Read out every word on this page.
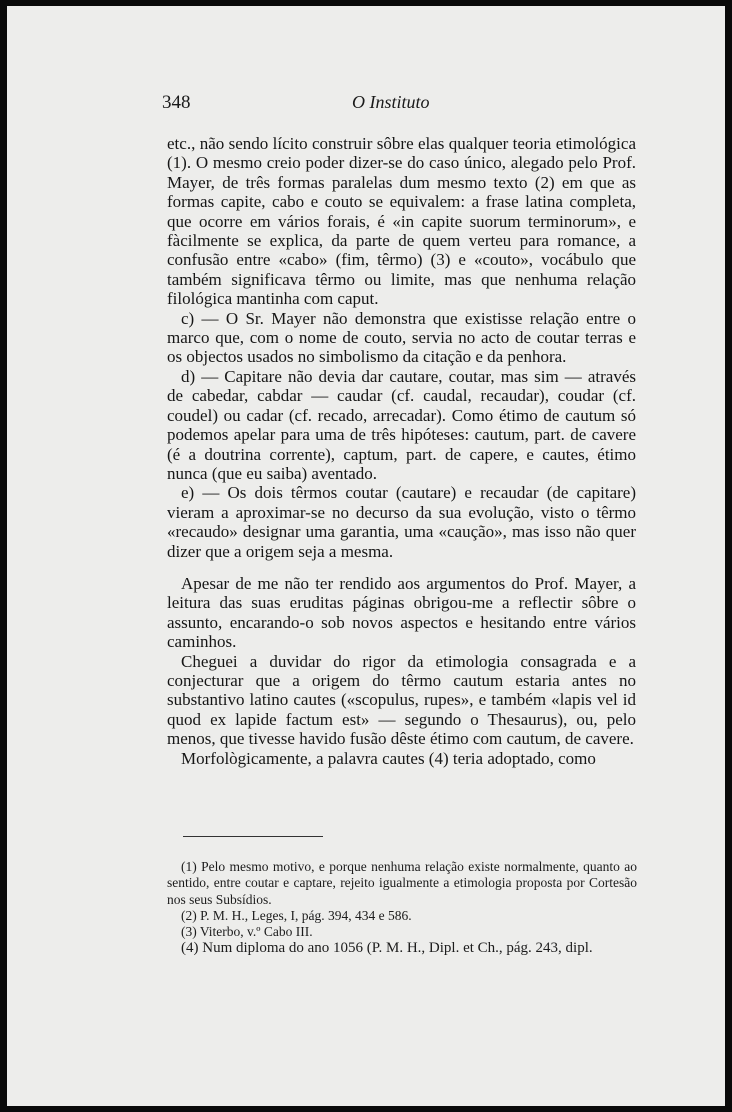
348	O Instituto

etc., não sendo lícito construir sôbre elas qualquer teoria etimológica (1). O mesmo creio poder dizer-se do caso único, alegado pelo Prof. Mayer, de três formas paralelas dum mesmo texto (2) em que as formas capite, cabo e couto se equivalem: a frase latina completa, que ocorre em vários forais, é «in capite suorum terminorum», e fàcilmente se explica, da parte de quem verteu para romance, a confusão entre «cabo» (fim, têrmo) (3) e «couto», vocábulo que também significava têrmo ou limite, mas que nenhuma relação filológica mantinha com caput.

c) — O Sr. Mayer não demonstra que existisse relação entre o marco que, com o nome de couto, servia no acto de coutar terras e os objectos usados no simbolismo da citação e da penhora.

d) — Capitare não devia dar cautare, coutar, mas sim — através de cabedar, cabdar — caudar (cf. caudal, recaudar), coudar (cf. coudel) ou cadar (cf. recado, arrecadar). Como étimo de cautum só podemos apelar para uma de três hipóteses: cautum, part. de cavere (é a doutrina corrente), captum, part. de capere, e cautes, étimo nunca (que eu saiba) aventado.

e) — Os dois têrmos coutar (cautare) e recaudar (de capitare) vieram a aproximar-se no decurso da sua evolução, visto o têrmo «recaudo» designar uma garantia, uma «caução», mas isso não quer dizer que a origem seja a mesma.

Apesar de me não ter rendido aos argumentos do Prof. Mayer, a leitura das suas eruditas páginas obrigou-me a reflectir sôbre o assunto, encarando-o sob novos aspectos e hesitando entre vários caminhos.

Cheguei a duvidar do rigor da etimologia consagrada e a conjecturar que a origem do têrmo cautum estaria antes no substantivo latino cautes («scopulus, rupes», e também «lapis vel id quod ex lapide factum est» — segundo o Thesaurus), ou, pelo menos, que tivesse havido fusão dêste étimo com cautum, de cavere.

Morfològicamente, a palavra cautes (4) teria adoptado, como

(1) Pelo mesmo motivo, e porque nenhuma relação existe normalmente, quanto ao sentido, entre coutar e captare, rejeito igualmente a etimologia proposta por Cortesão nos seus Subsídios.

(2) P. M. H., Leges, I, pág. 394, 434 e 586.

(3) Viterbo, v.º Cabo III.

(4) Num diploma do ano 1056 (P. M. H., Dipl. et Ch., pág. 243, dipl.
